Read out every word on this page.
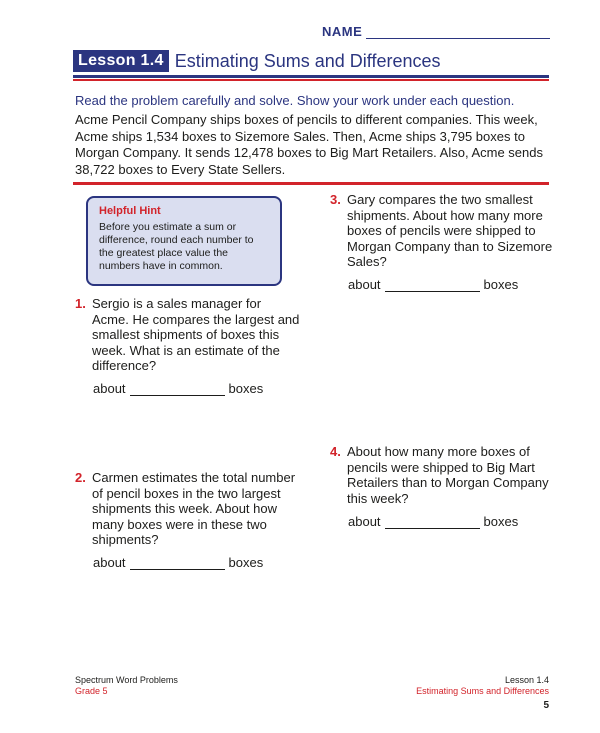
NAME
Lesson 1.4 Estimating Sums and Differences
Read the problem carefully and solve. Show your work under each question.
Acme Pencil Company ships boxes of pencils to different companies. This week, Acme ships 1,534 boxes to Sizemore Sales. Then, Acme ships 3,795 boxes to Morgan Company. It sends 12,478 boxes to Big Mart Retailers. Also, Acme sends 38,722 boxes to Every State Sellers.
Helpful Hint
Before you estimate a sum or difference, round each number to the greatest place value the numbers have in common.
1. Sergio is a sales manager for Acme. He compares the largest and smallest shipments of boxes this week. What is an estimate of the difference?
about	boxes
2. Carmen estimates the total number of pencil boxes in the two largest shipments this week. About how many boxes were in these two shipments?
about	boxes
3. Gary compares the two smallest shipments. About how many more boxes of pencils were shipped to Morgan Company than to Sizemore Sales?
about	boxes
4. About how many more boxes of pencils were shipped to Big Mart Retailers than to Morgan Company this week?
about	boxes
Spectrum Word Problems
Grade 5
Lesson 1.4
Estimating Sums and Differences
5
